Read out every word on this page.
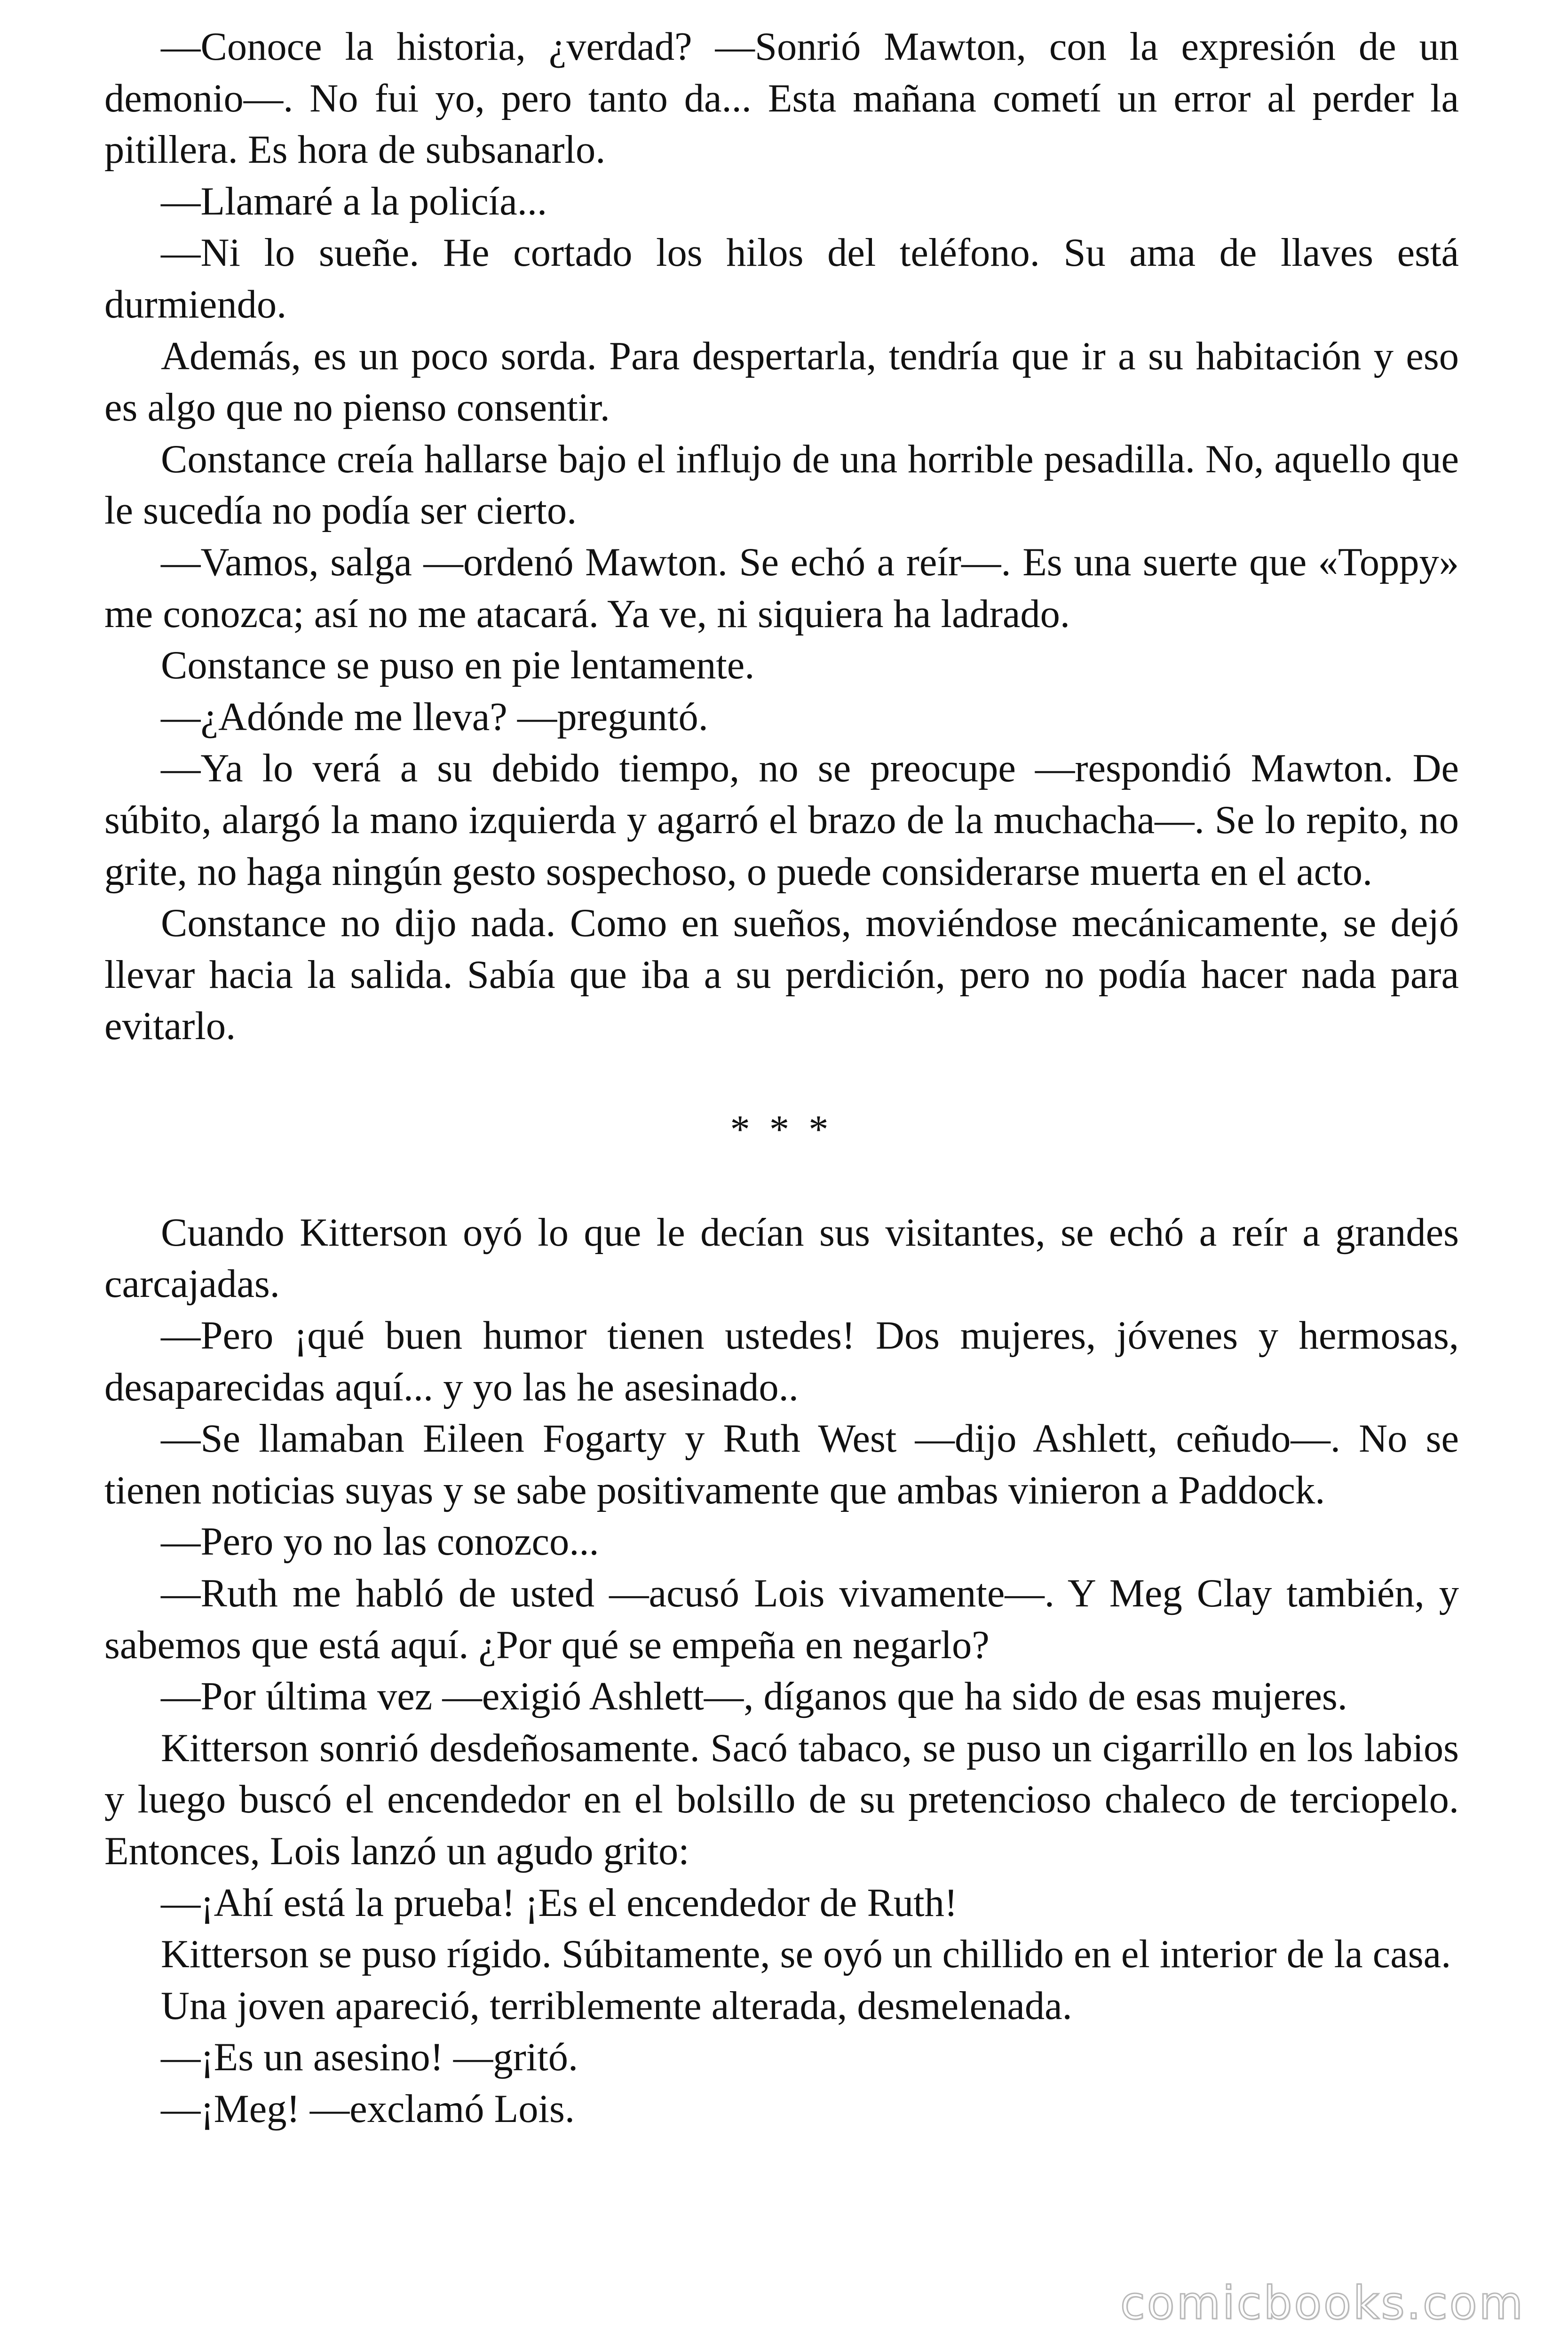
—Conoce la historia, ¿verdad? —Sonrió Mawton, con la expresión de un demonio—. No fui yo, pero tanto da... Esta mañana cometí un error al perder la pitillera. Es hora de subsanarlo.

—Llamaré a la policía...

—Ni lo sueñe. He cortado los hilos del teléfono. Su ama de llaves está durmiendo.

Además, es un poco sorda. Para despertarla, tendría que ir a su habitación y eso es algo que no pienso consentir.

Constance creía hallarse bajo el influjo de una horrible pesadilla. No, aquello que le sucedía no podía ser cierto.

—Vamos, salga —ordenó Mawton. Se echó a reír—. Es una suerte que «Toppy» me conozca; así no me atacará. Ya ve, ni siquiera ha ladrado.

Constance se puso en pie lentamente.

—¿Adónde me lleva? —preguntó.

—Ya lo verá a su debido tiempo, no se preocupe —respondió Mawton. De súbito, alargó la mano izquierda y agarró el brazo de la muchacha—. Se lo repito, no grite, no haga ningún gesto sospechoso, o puede considerarse muerta en el acto.

Constance no dijo nada. Como en sueños, moviéndose mecánicamente, se dejó llevar hacia la salida. Sabía que iba a su perdición, pero no podía hacer nada para evitarlo.

* * *

Cuando Kitterson oyó lo que le decían sus visitantes, se echó a reír a grandes carcajadas.

—Pero ¡qué buen humor tienen ustedes! Dos mujeres, jóvenes y hermosas, desaparecidas aquí... y yo las he asesinado..

—Se llamaban Eileen Fogarty y Ruth West —dijo Ashlett, ceñudo—. No se tienen noticias suyas y se sabe positivamente que ambas vinieron a Paddock.

—Pero yo no las conozco...

—Ruth me habló de usted —acusó Lois vivamente—. Y Meg Clay también, y sabemos que está aquí. ¿Por qué se empeña en negarlo?

—Por última vez —exigió Ashlett—, díganos que ha sido de esas mujeres.

Kitterson sonrió desdeñosamente. Sacó tabaco, se puso un cigarrillo en los labios y luego buscó el encendedor en el bolsillo de su pretencioso chaleco de terciopelo. Entonces, Lois lanzó un agudo grito:

—¡Ahí está la prueba! ¡Es el encendedor de Ruth!

Kitterson se puso rígido. Súbitamente, se oyó un chillido en el interior de la casa.

Una joven apareció, terriblemente alterada, desmelenada.

—¡Es un asesino! —gritó.

—¡Meg! —exclamó Lois.

comicbooks.com
